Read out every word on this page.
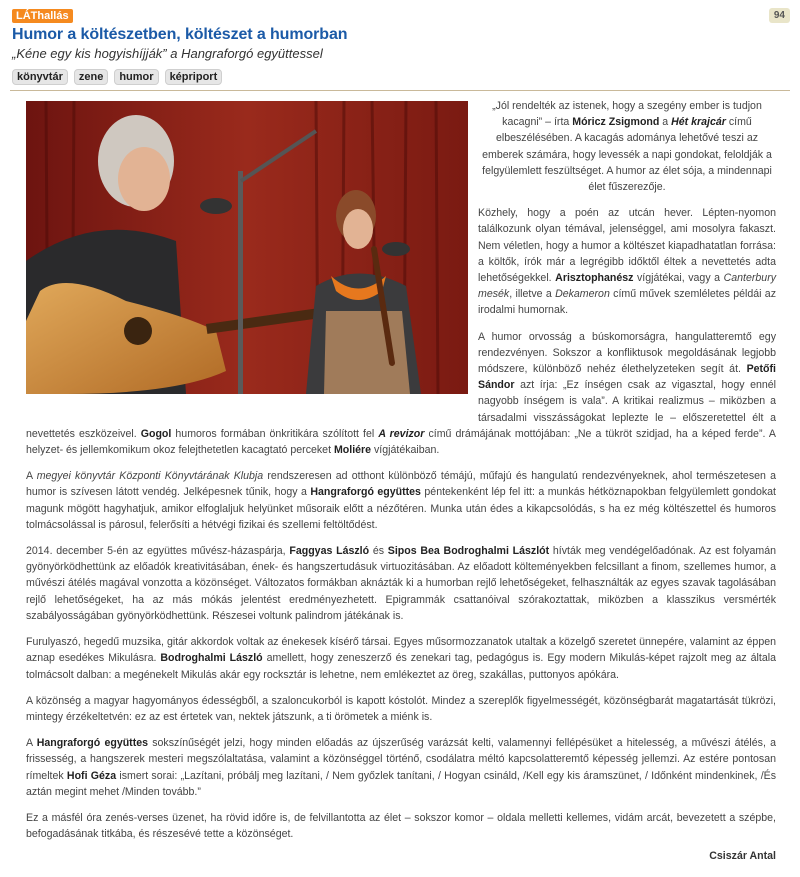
LÁThallás	94
Humor a költészetben, költészet a humorban

„Kéne egy kis hogyishíjják” a Hangraforgó együttessel

könyvtár	zene	humor	képriport

„Jól rendelték az istenek, hogy a szegény ember is tudjon kacagni” – írta Móricz Zsigmond a Hét krajcár című elbeszélésében. A kacagás adománya lehetővé teszi az emberek számára, hogy levessék a napi gondokat, feloldják a felgyülemlett feszültséget. A humor az élet sója, a mindennapi élet fűszerezője.

Közhely, hogy a poén az utcán hever. Lépten-nyomon találkozunk olyan témával, jelenséggel, ami mosolyra fakaszt. Nem véletlen, hogy a humor a költészet kiapadhatatlan forrása: a költők, írók már a legrégibb időktől éltek a nevettetés adta lehetőségekkel. Arisztophanész vígjátékai, vagy a Canterbury mesék, illetve a Dekameron című művek szemléletes példái az irodalmi humornak.

A humor orvosság a búskomorságra, hangulatteremtő egy rendezvényen. Sokszor a konfliktusok megoldásának legjobb módszere, különböző nehéz élethelyzeteken segít át. Petőfi Sándor azt írja: „Ez ínségen csak az vigasztal, hogy ennél nagyobb ínségem is vala”. A kritikai realizmus – miközben a társadalmi visszásságokat leplezte le – előszeretettel élt a nevettetés eszközeivel. Gogol humoros formában önkritikára szólított fel A revizor című drámájának mottójában: „Ne a tükröt szidjad, ha a képed ferde”. A helyzet- és jellemkomikum okoz felejthetetlen kacagtató perceket Moliére vígjátékaiban.

A megyei könyvtár Központi Könyvtárának Klubja rendszeresen ad otthont különböző témájú, műfajú és hangulatú rendezvényeknek, ahol természetesen a humor is szívesen látott vendég. Jelképesnek tűnik, hogy a Hangraforgó együttes péntekenként lép fel itt: a munkás hétköznapokban felgyülemlett gondokat magunk mögött hagyhatjuk, amikor elfoglaljuk helyünket műsoraik előtt a nézőtéren. Munka után édes a kikapcsolódás, s ha ez még költészettel és humoros tolmácsolással is párosul, felerősíti a hétvégi fizikai és szellemi feltöltődést.

2014. december 5-én az együttes művész-házaspárja, Faggyas László és Sipos Bea Bodroghalmi Lászlót hívták meg vendégelőadónak. Az est folyamán gyönyörködhettünk az előadók kreativitásában, ének- és hangszertudásuk virtuozitásában. Az előadott költeményekben felcsillant a finom, szellemes humor, a művészi átélés magával vonzotta a közönséget. Változatos formákban aknázták ki a humorban rejlő lehetőségeket, felhasználták az egyes szavak tagolásában rejlő lehetőségeket, ha az más mókás jelentést eredményezhetett. Epigrammák csattanóival szórakoztattak, miközben a klasszikus versmérték szabályosságában gyönyörködhettünk. Részesei voltunk palindrom játékának is.

Furulyaszó, hegedű muzsika, gitár akkordok voltak az énekesek kísérő társai. Egyes műsormozzanatok utaltak a közelgő szeretet ünnepére, valamint az éppen aznap esedékes Mikulásra. Bodroghalmi László amellett, hogy zeneszerző és zenekari tag, pedagógus is. Egy modern Mikulás-képet rajzolt meg az általa tolmácsolt dalban: a megénekelt Mikulás akár egy rocksztár is lehetne, nem emlékeztet az öreg, szakállas, puttonyos apókára.

A közönség a magyar hagyományos édességből, a szaloncukorból is kapott kóstolót. Mindez a szereplők figyelmességét, közönségbarát magatartását tükrözi, mintegy érzékeltetvén: ez az est értetek van, nektek játszunk, a ti örömetek a miénk is.

A Hangraforgó együttes sokszínűségét jelzi, hogy minden előadás az újszerűség varázsát kelti, valamennyi fellépésüket a hitelesség, a művészi átélés, a frissesség, a hangszerek mesteri megszólaltatása, valamint a közönséggel történő, csodálatra méltó kapcsolatteremtő képesség jellemzi. Az estére pontosan rímeltek Hofi Géza ismert sorai: „Lazítani, próbálj meg lazítani, / Nem győzlek tanítani, / Hogyan csináld, /Kell egy kis áramszünet, / Időnként mindenkinek, /És aztán megint mehet /Minden tovább.”

Ez a másfél óra zenés-verses üzenet, ha rövid időre is, de felvillantotta az élet – sokszor komor – oldala melletti kellemes, vidám arcát, bevezetett a szépbe, befogadásának titkába, és részesévé tette a közönséget.

Csiszár Antal
